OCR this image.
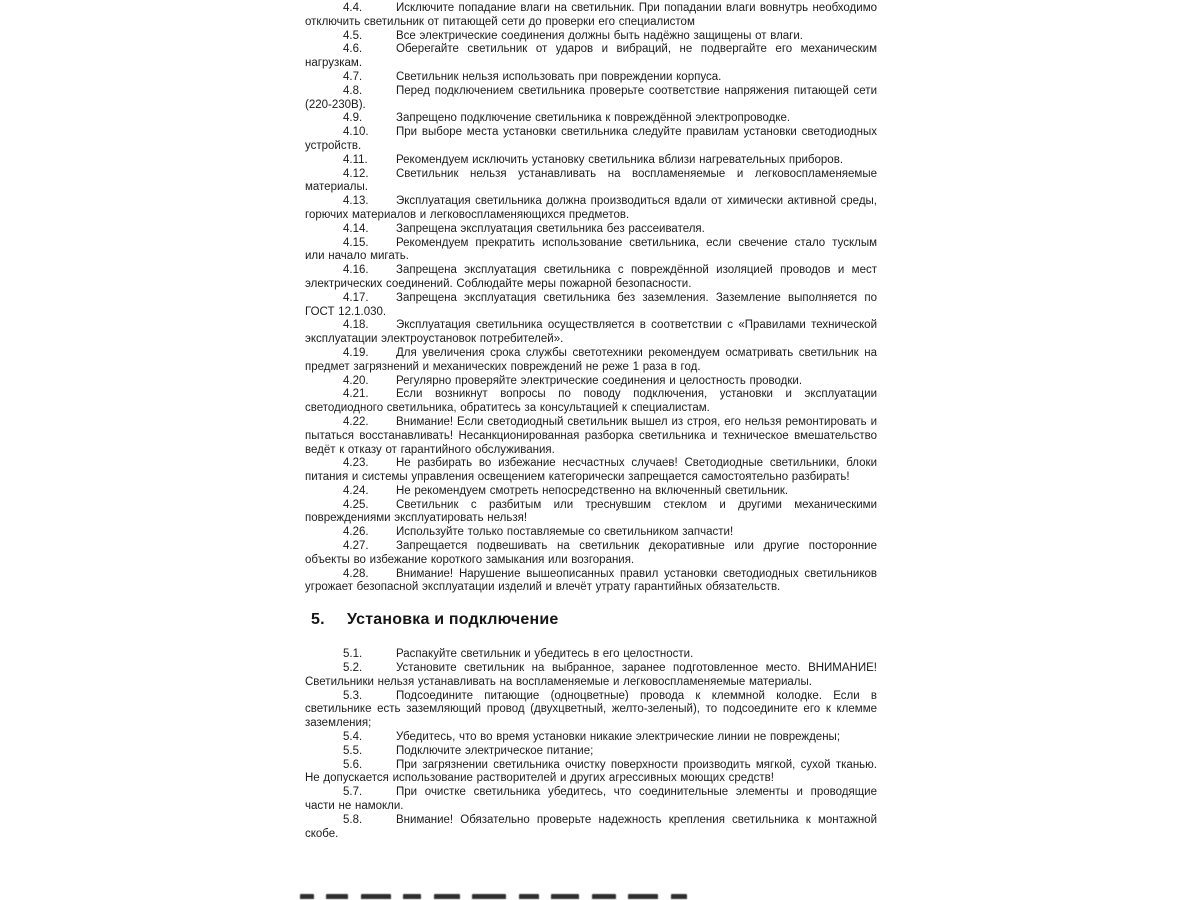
4.4.	Исключите попадание влаги на светильник. При попадании влаги вовнутрь необходимо отключить светильник от питающей сети до проверки его специалистом

4.5.	Все электрические соединения должны быть надёжно защищены от влаги.

4.6.	Оберегайте светильник от ударов и вибраций, не подвергайте его механическим нагрузкам.

4.7.	Светильник нельзя использовать при повреждении корпуса.

4.8.	Перед подключением светильника проверьте соответствие напряжения питающей сети (220-230В).

4.9.	Запрещено подключение светильника к повреждённой электропроводке.

4.10. При выборе места установки светильника следуйте правилам установки светодиодных устройств.

4.11. Рекомендуем исключить установку светильника вблизи нагревательных приборов.

4.12. Светильник нельзя устанавливать на воспламеняемые и легковоспламеняемые материалы.

4.13. Эксплуатация светильника должна производиться вдали от химически активной среды, горючих материалов и легковоспламеняющихся предметов.

4.14. Запрещена эксплуатация светильника без рассеивателя.

4.15. Рекомендуем прекратить использование светильника, если свечение стало тусклым или начало мигать.

4.16. Запрещена эксплуатация светильника с повреждённой изоляцией проводов и мест электрических соединений. Соблюдайте меры пожарной безопасности.

4.17. Запрещена эксплуатация светильника без заземления. Заземление выполняется по ГОСТ 12.1.030.

4.18. Эксплуатация светильника осуществляется в соответствии с «Правилами технической эксплуатации электроустановок потребителей».

4.19. Для увеличения срока службы светотехники рекомендуем осматривать светильник на предмет загрязнений и механических повреждений не реже 1 раза в год.

4.20. Регулярно проверяйте электрические соединения и целостность проводки.

4.21. Если возникнут вопросы по поводу подключения, установки и эксплуатации светодиодного светильника, обратитесь за консультацией к специалистам.

4.22. Внимание! Если светодиодный светильник вышел из строя, его нельзя ремонтировать и пытаться восстанавливать! Несанкционированная разборка светильника и техническое вмешательство ведёт к отказу от гарантийного обслуживания.

4.23. Не разбирать во избежание несчастных случаев! Светодиодные светильники, блоки питания и системы управления освещением категорически запрещается самостоятельно разбирать!

4.24. Не рекомендуем смотреть непосредственно на включенный светильник.

4.25. Светильник с разбитым или треснувшим стеклом и другими механическими повреждениями эксплуатировать нельзя!

4.26. Используйте только поставляемые со светильником запчасти!

4.27. Запрещается подвешивать на светильник декоративные или другие посторонние объекты во избежание короткого замыкания или возгорания.

4.28. Внимание! Нарушение вышеописанных правил установки светодиодных светильников угрожает безопасной эксплуатации изделий и влечёт утрату гарантийных обязательств.

5. Установка и подключение

5.1.	Распакуйте светильник и убедитесь в его целостности.

5.2.	Установите светильник на выбранное, заранее подготовленное место. ВНИМАНИЕ! Светильники нельзя устанавливать на воспламеняемые и легковоспламеняемые материалы.

5.3.	Подсоедините питающие (одноцветные) провода к клеммной колодке. Если в светильнике есть заземляющий провод (двухцветный, желто-зеленый), то подсоедините его к клемме заземления;

5.4.	Убедитесь, что во время установки никакие электрические линии не повреждены;

5.5.	Подключите электрическое питание;

5.6.	При загрязнении светильника очистку поверхности производить мягкой, сухой тканью. Не допускается использование растворителей и других агрессивных моющих средств!

5.7.	При очистке светильника убедитесь, что соединительные элементы и проводящие части не намокли.

5.8.	Внимание! Обязательно проверьте надежность крепления светильника к монтажной скобе.
